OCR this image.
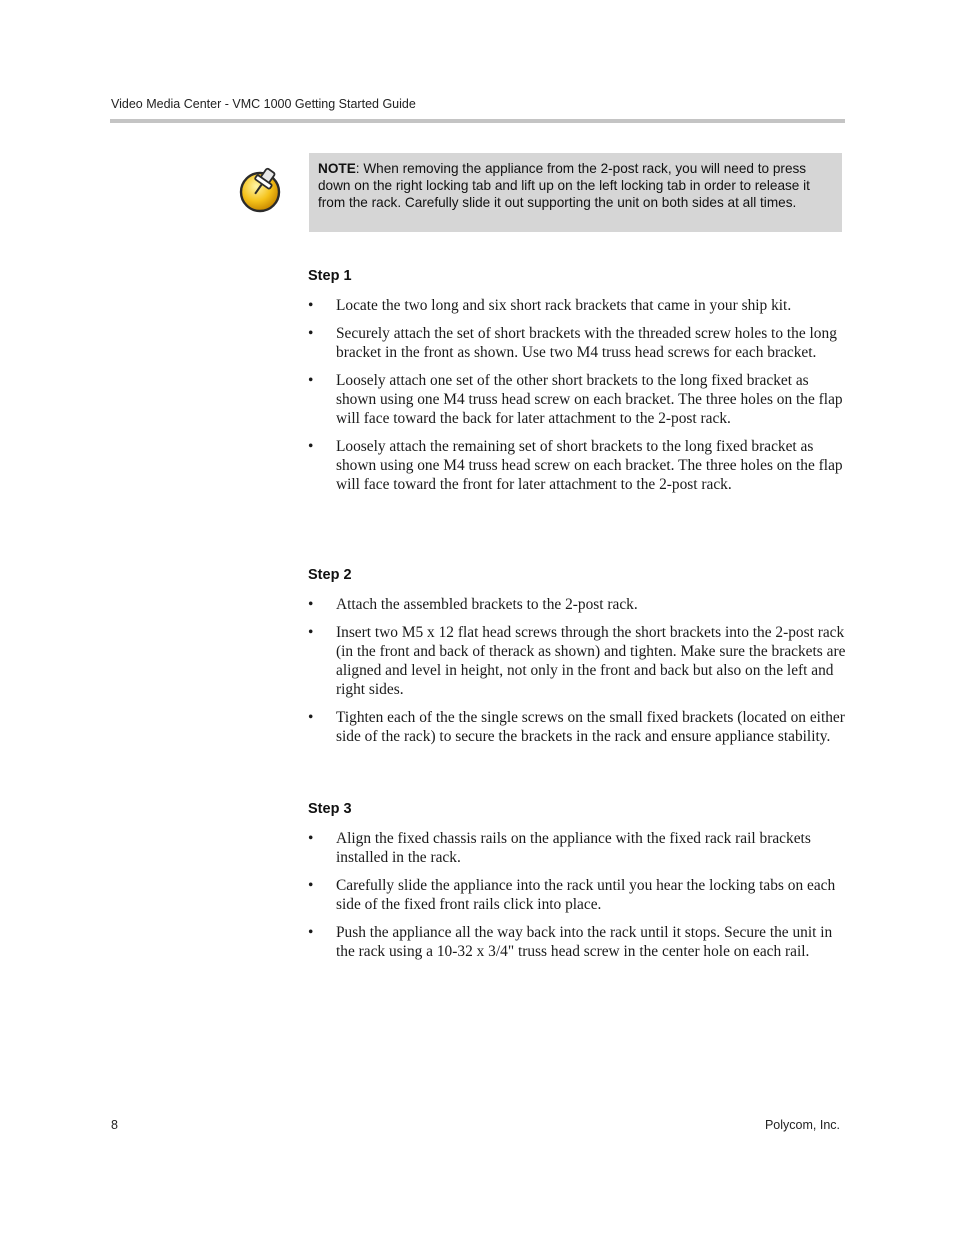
Video Media Center - VMC 1000 Getting Started Guide
NOTE: When removing the appliance from the 2-post rack, you will need to press down on the right locking tab and lift up on the left locking tab in order to release it from the rack. Carefully slide it out supporting the unit on both sides at all times.
Step 1
• Locate the two long and six short rack brackets that came in your ship kit.
• Securely attach the set of short brackets with the threaded screw holes to the long bracket in the front as shown. Use two M4 truss head screws for each bracket.
• Loosely attach one set of the other short brackets to the long fixed bracket as shown using one M4 truss head screw on each bracket. The three holes on the flap will face toward the back for later attachment to the 2-post rack.
• Loosely attach the remaining set of short brackets to the long fixed bracket as shown using one M4 truss head screw on each bracket. The three holes on the flap will face toward the front for later attachment to the 2-post rack.
Step 2
• Attach the assembled brackets to the 2-post rack.
• Insert two M5 x 12 flat head screws through the short brackets into the 2-post rack (in the front and back of therack as shown) and tighten. Make sure the brackets are aligned and level in height, not only in the front and back but also on the left and right sides.
• Tighten each of the the single screws on the small fixed brackets (located on either side of the rack) to secure the brackets in the rack and ensure appliance stability.
Step 3
• Align the fixed chassis rails on the appliance with the fixed rack rail brackets installed in the rack.
• Carefully slide the appliance into the rack until you hear the locking tabs on each side of the fixed front rails click into place.
• Push the appliance all the way back into the rack until it stops. Secure the unit in the rack using a 10-32 x 3/4" truss head screw in the center hole on each rail.
8	Polycom, Inc.
